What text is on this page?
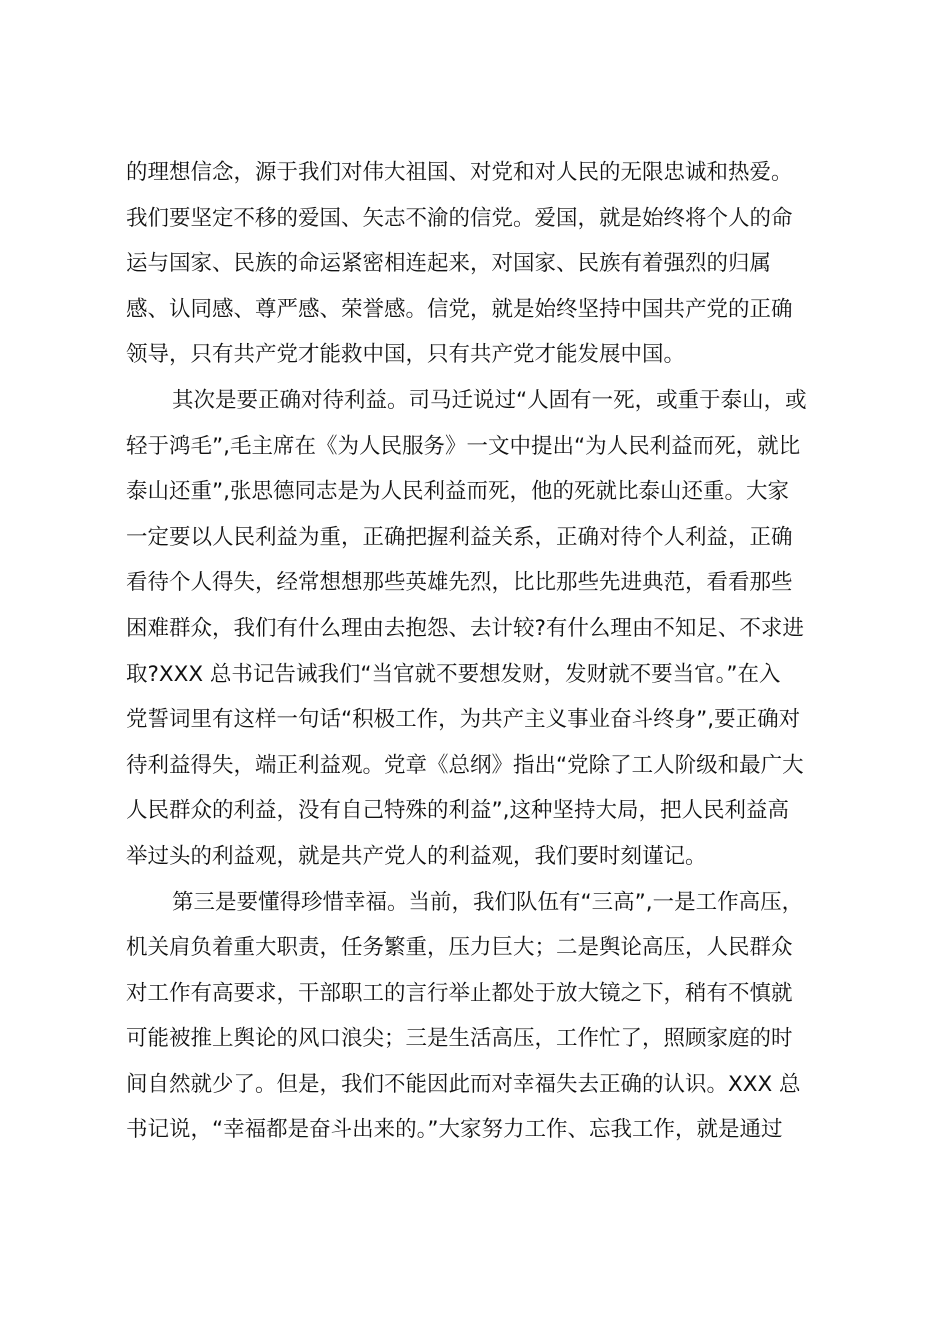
的理想信念，源于我们对伟大祖国、对党和对人民的无限忠诚和热爱。
我们要坚定不移的爱国、矢志不渝的信党。爱国，就是始终将个人的命
运与国家、民族的命运紧密相连起来，对国家、民族有着强烈的归属
感、认同感、尊严感、荣誉感。信党，就是始终坚持中国共产党的正确
领导，只有共产党才能救中国，只有共产党才能发展中国。
其次是要正确对待利益。司马迁说过“人固有一死，或重于泰山，或
轻于鸿毛”,毛主席在《为人民服务》一文中提出“为人民利益而死，就比
泰山还重”,张思德同志是为人民利益而死，他的死就比泰山还重。大家
一定要以人民利益为重，正确把握利益关系，正确对待个人利益，正确
看待个人得失，经常想想那些英雄先烈，比比那些先进典范，看看那些
困难群众，我们有什么理由去抱怨、去计较?有什么理由不知足、不求进
取?XXX 总书记告诫我们“当官就不要想发财，发财就不要当官。”在入
党誓词里有这样一句话“积极工作，为共产主义事业奋斗终身”,要正确对
待利益得失，端正利益观。党章《总纲》指出“党除了工人阶级和最广大
人民群众的利益，没有自己特殊的利益”,这种坚持大局，把人民利益高
举过头的利益观，就是共产党人的利益观，我们要时刻谨记。
第三是要懂得珍惜幸福。当前，我们队伍有“三高”,一是工作高压，
机关肩负着重大职责，任务繁重，压力巨大；二是舆论高压，人民群众
对工作有高要求，干部职工的言行举止都处于放大镜之下，稍有不慎就
可能被推上舆论的风口浪尖；三是生活高压，工作忙了，照顾家庭的时
间自然就少了。但是，我们不能因此而对幸福失去正确的认识。XXX 总
书记说，“幸福都是奋斗出来的。”大家努力工作、忘我工作，就是通过
